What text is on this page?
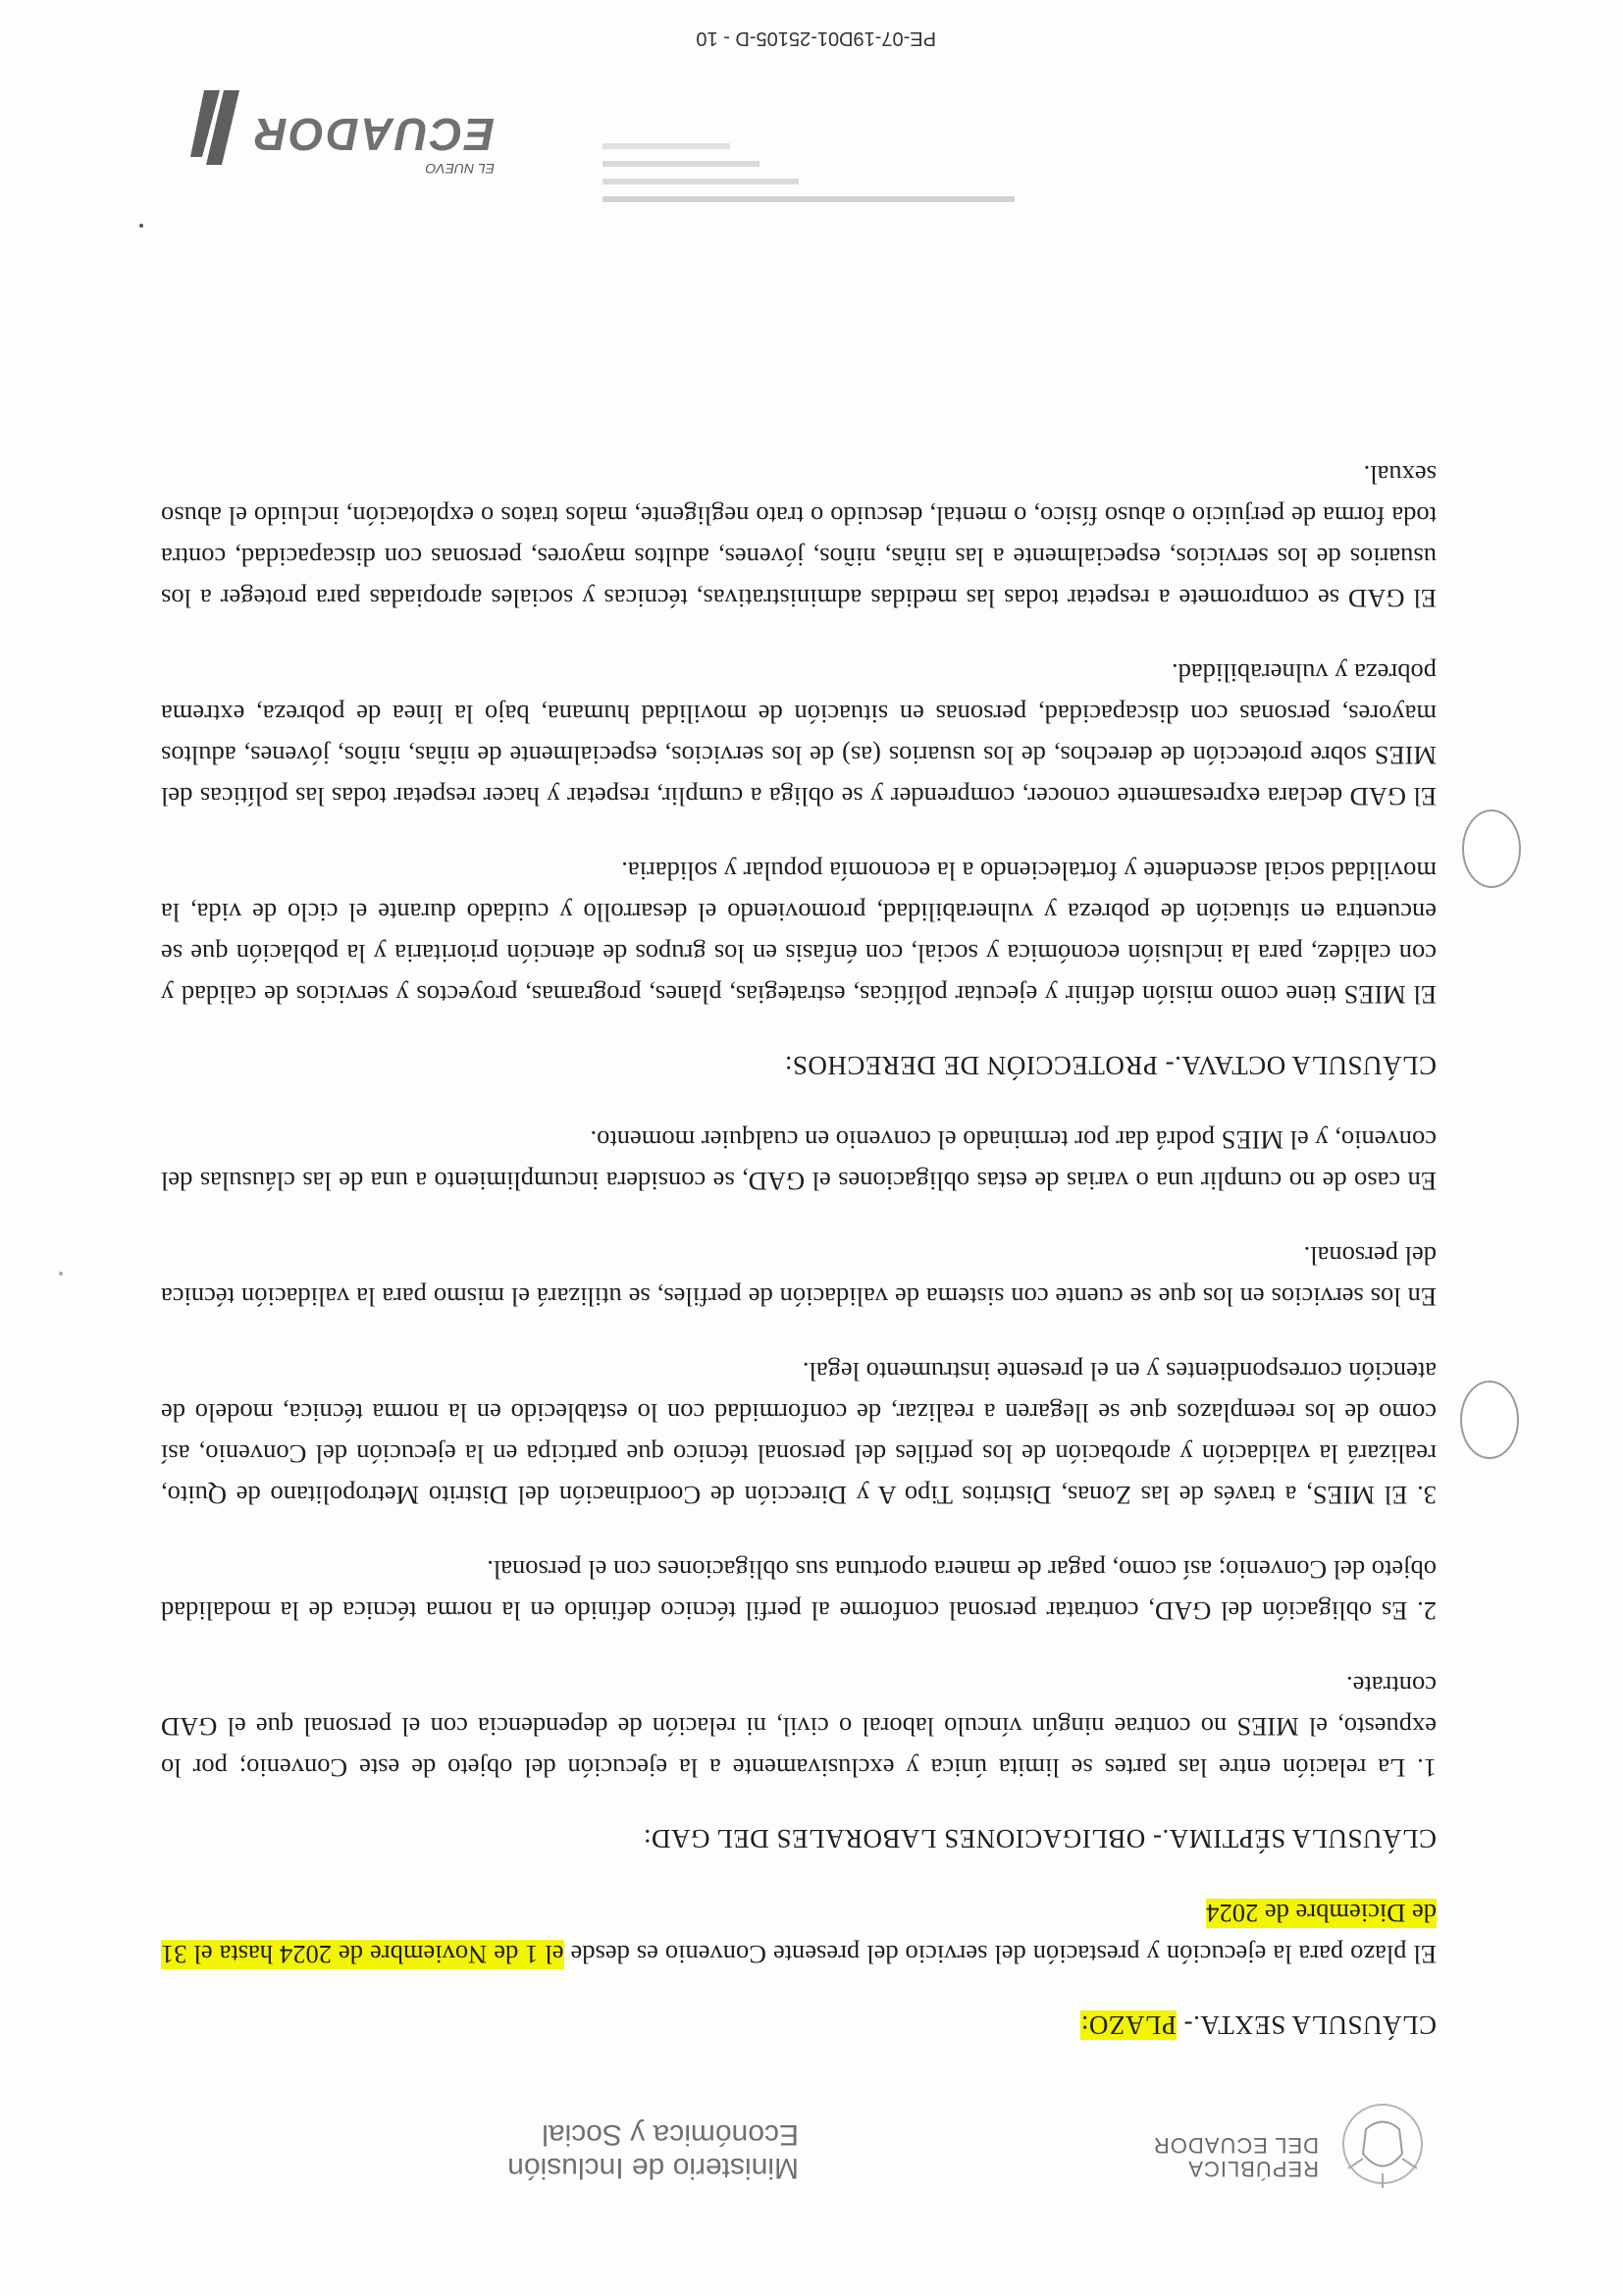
REPÚBLICA
DEL ECUADOR
Ministerio de Inclusión
Económica y Social
CLÁUSULA SEXTA.- PLAZO:

El plazo para la ejecución y prestación del servicio del presente Convenio es desde el 1 de Noviembre de 2024 hasta el 31 de Diciembre de 2024

CLÁUSULA SÉPTIMA.- OBLIGACIONES LABORALES DEL GAD:

1. La relación entre las partes se limita única y exclusivamente a la ejecución del objeto de este Convenio; por lo expuesto, el MIES no contrae ningún vínculo laboral o civil, ni relación de dependencia con el personal que el GAD contrate.

2. Es obligación del GAD, contratar personal conforme al perfil técnico definido en la norma técnica de la modalidad objeto del Convenio; así como, pagar de manera oportuna sus obligaciones con el personal.

3. El MIES, a través de las Zonas, Distritos Tipo A y Dirección de Coordinación del Distrito Metropolitano de Quito, realizará la validación y aprobación de los perfiles del personal técnico que participa en la ejecución del Convenio, así como de los reemplazos que se llegaren a realizar, de conformidad con lo establecido en la norma técnica, modelo de atención correspondientes y en el presente instrumento legal.

En los servicios en los que se cuente con sistema de validación de perfiles, se utilizará el mismo para la validación técnica del personal.

En caso de no cumplir una o varias de estas obligaciones el GAD, se considera incumplimiento a una de las cláusulas del convenio, y el MIES podrá dar por terminado el convenio en cualquier momento.

CLÁUSULA OCTAVA.- PROTECCIÓN DE DERECHOS:

El MIES tiene como misión definir y ejecutar políticas, estrategias, planes, programas, proyectos y servicios de calidad y con calidez, para la inclusión económica y social, con énfasis en los grupos de atención prioritaria y la población que se encuentra en situación de pobreza y vulnerabilidad, promoviendo el desarrollo y cuidado durante el ciclo de vida, la movilidad social ascendente y fortaleciendo a la economía popular y solidaria.

El GAD declara expresamente conocer, comprender y se obliga a cumplir, respetar y hacer respetar todas las políticas del MIES sobre protección de derechos, de los usuarios (as) de los servicios, especialmente de niñas, niños, jóvenes, adultos mayores, personas con discapacidad, personas en situación de movilidad humana, bajo la línea de pobreza, extrema pobreza y vulnerabilidad.

El GAD se compromete a respetar todas las medidas administrativas, técnicas y sociales apropiadas para proteger a los usuarios de los servicios, especialmente a las niñas, niños, jóvenes, adultos mayores, personas con discapacidad, contra toda forma de perjuicio o abuso físico, o mental, descuido o trato negligente, malos tratos o explotación, incluido el abuso sexual.

EL NUEVO
ECUADOR
PE-07-19D01-25105-D - 10
